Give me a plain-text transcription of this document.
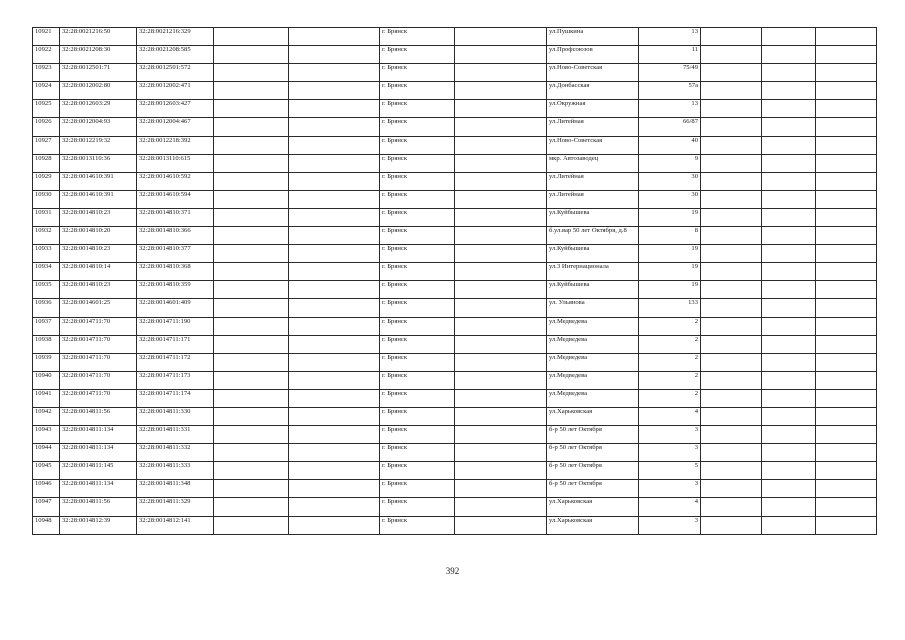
10921	32:28:0021216:50	32:28:0021216:329			г. Брянск		ул.Пушкина	13			
10922	32:28:0021208:30	32:28:0021208:585			г. Брянск		ул.Профсоюзов	11			
10923	32:28:0012501:71	32:28:0012501:572			г. Брянск		ул.Ново-Советская	75/49			
10924	32:28:0012002:80	32:28:0012002:471			г. Брянск		ул.Донбасская	57а			
10925	32:28:0012603:29	32:28:0012603:427			г. Брянск		ул.Окружная	13			
10926	32:28:0012004:93	32:28:0012004:467			г. Брянск		ул.Литейная	66/87			
10927	32:28:0012219:32	32:28:0012218:392			г. Брянск		ул.Ново-Советская	40			
10928	32:28:0013110:36	32:28:0013110:615			г. Брянск		мкр. Автозаводец	9			
10929	32:28:0014610:391	32:28:0014610:592			г. Брянск		ул.Литейная	30			
10930	32:28:0014610:391	32:28:0014610:594			г. Брянск		ул.Литейная	30			
10931	32:28:0014810:23	32:28:0014810:371			г. Брянск		ул.Куйбышева	19			
10932	32:28:0014810:20	32:28:0014810:366			г. Брянск		б.ул.вар 50 лет Октября, д.8	8			
10933	32:28:0014810:23	32:28:0014810:377			г. Брянск		ул.Куйбышева	19			
10934	32:28:0014810:14	32:28:0014810:368			г. Брянск		ул.3 Интернационала	19			
10935	32:28:0014810:23	32:28:0014810:359			г. Брянск		ул.Куйбышева	19			
10936	32:28:0014601:25	32:28:0014601:409			г. Брянск		ул. Ульянова	133			
10937	32:28:0014711:70	32:28:0014711:190			г. Брянск		ул.Медведева	2			
10938	32:28:0014711:70	32:28:0014711:171			г. Брянск		ул.Медведева	2			
10939	32:28:0014711:70	32:28:0014711:172			г. Брянск		ул.Медведева	2			
10940	32:28:0014711:70	32:28:0014711:173			г. Брянск		ул.Медведева	2			
10941	32:28:0014711:70	32:28:0014711:174			г. Брянск		ул.Медведева	2			
10942	32:28:0014811:56	32:28:0014811:330			г. Брянск		ул.Харьковская	4			
10943	32:28:0014811:134	32:28:0014811:331			г. Брянск		б-р 50 лет Октября	3			
10944	32:28:0014811:134	32:28:0014811:332			г. Брянск		б-р 50 лет Октября	3			
10945	32:28:0014811:145	32:28:0014811:333			г. Брянск		б-р 50 лет Октября	5			
10946	32:28:0014811:134	32:28:0014811:348			г. Брянск		б-р 50 лет Октября	3			
10947	32:28:0014811:56	32:28:0014811:329			г. Брянск		ул.Харьковская	4			
10948	32:28:0014812:39	32:28:0014812:141			г. Брянск		ул.Харьковская	3			
392
